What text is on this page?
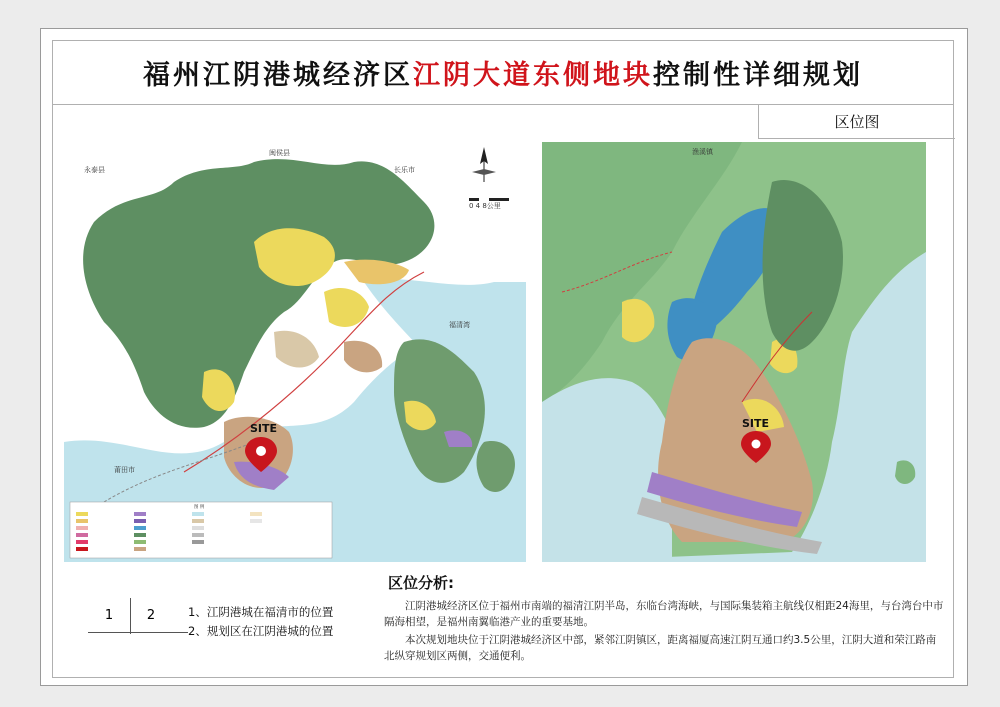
福州江阴港城经济区江阴大道东侧地块控制性详细规划
区位图
闽侯县
永泰县	长乐市
莆田市
福清湾
0 4 8公里
图 例
SITE
渔溪镇
SITE
1	2	1、江阴港城在福清市的位置
2、规划区在江阴港城的位置
区位分析:

江阴港城经济区位于福州市南端的福清江阴半岛，东临台湾海峡，与国际集装箱主航线仅相距24海里，与台湾台中市隔海相望，是福州南翼临港产业的重要基地。

本次规划地块位于江阴港城经济区中部，紧邻江阴镇区，距离福厦高速江阴互通口约3.5公里，江阴大道和荣江路南北纵穿规划区两侧，交通便利。
